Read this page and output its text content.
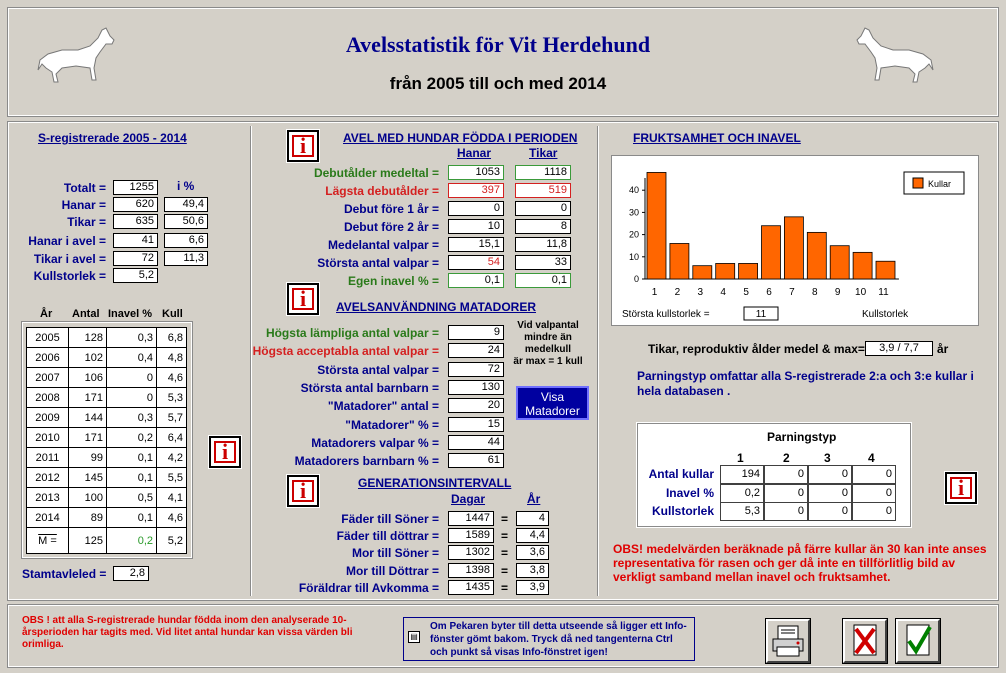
Avelsstatistik för Vit Herdehund
från 2005 till och med 2014
S-registrerade 2005 - 2014
i %
Totalt =	1255
Hanar =	620	49,4
Tikar =	635	50,6
Hanar i avel =	41	6,6
Tikar i avel =	72	11,3
Kullstorlek =	5,2
År Antal Inavel % Kull
2005	128	0,3	6,8
2006	102	0,4	4,8
2007	106	0	4,6
2008	171	0	5,3
2009	144	0,3	5,7
2010	171	0,2	6,4
2011	99	0,1	4,2
2012	145	0,1	5,5
2013	100	0,5	4,1
2014	89	0,1	4,6
M =	125	0,2	5,2
i
Stamtavleled =	2,8
i	AVEL MED HUNDAR FÖDDA I PERIODEN
Hanar	Tikar
Debutålder medeltal =	1053	1118
Lägsta debutålder =	397	519
Debut före 1 år =	0	0
Debut före 2 år =	10	8
Medelantal valpar =	15,1	11,8
Största antal valpar =	54	33
Egen inavel % =	0,1	0,1
i	AVELSANVÄNDNING MATADORER
Högsta lämpliga antal valpar =	9
Högsta acceptabla antal valpar =	24
Största antal valpar =	72
Största antal barnbarn =	130
"Matadorer" antal =	20
"Matadorer" % =	15
Matadorers valpar % =	44
Matadorers barnbarn % =	61
Vid valpantal
mindre än
medelkull
är max = 1 kull
Visa
Matadorer
i	GENERATIONSINTERVALL
Dagar	År
Fäder till Söner =	1447 =	4
Fäder till döttrar =	1589 =	4,4
Mor till Söner =	1302 =	3,6
Mor till Döttrar =	1398 =	3,8
Föräldrar till Avkomma =	1435 =	3,9
FRUKTSAMHET OCH INAVEL
0
10
20
30
40
1 2 3 4 5 6 7 8 9 10 11
Kullar
Största kullstorlek =	11	Kullstorlek
Tikar, reproduktiv ålder medel & max=	3,9 / 7,7	år
Parningstyp omfattar alla S-registrerade 2:a och 3:e kullar i hela databasen .
Parningstyp
1	2	3	4
Antal kullar	194	0	0	0
Inavel %	0,2	0	0	0
Kullstorlek	5,3	0	0	0
i
OBS! medelvärden beräknade på färre kullar än 30 kan inte anses representativa för rasen och ger då inte en tillförlitlig bild av verkligt samband mellan inavel och fruktsamhet.
OBS ! att alla S-registrerade hundar födda inom den analyserade 10-årsperioden har tagits med. Vid litet antal hundar kan vissa värden bli orimliga.
▤
Om Pekaren byter till detta utseende så ligger ett Info-fönster gömt bakom. Tryck då ned tangenterna Ctrl och punkt så visas Info-fönstret igen!
